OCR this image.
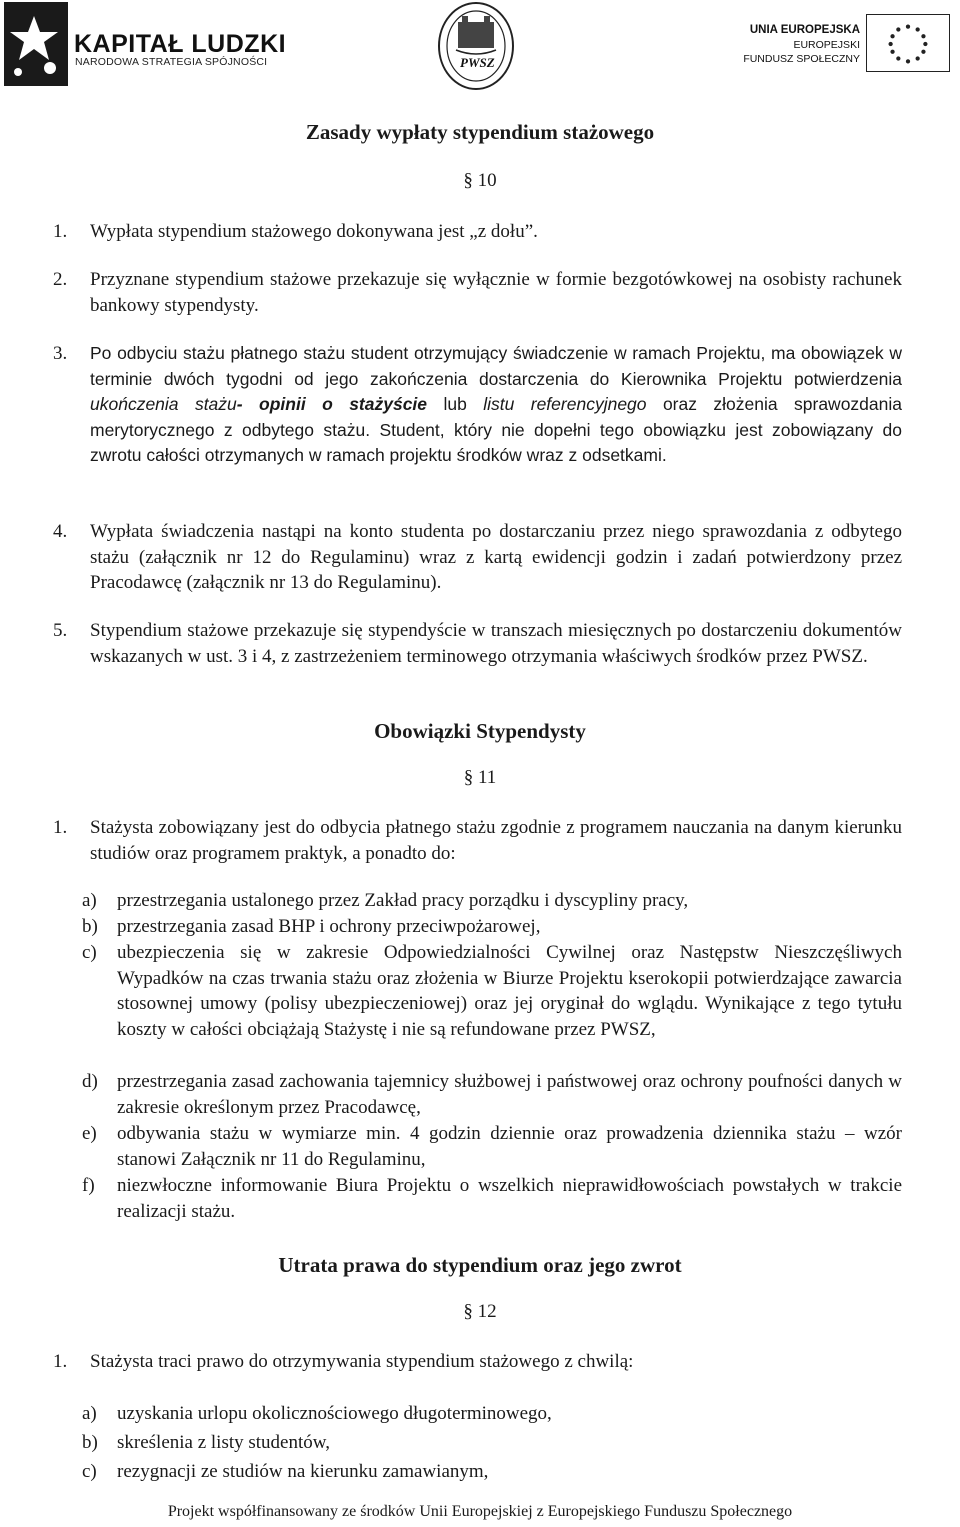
KAPITAŁ LUDZKI
NARODOWA STRATEGIA SPÓJNOŚCI	PWSZ
UNIA EUROPEJSKA
EUROPEJSKI
FUNDUSZ SPOŁECZNY
Zasady wypłaty stypendium stażowego
§ 10
1. Wypłata stypendium stażowego dokonywana jest „z dołu”.
2. Przyznane stypendium stażowe przekazuje się wyłącznie w formie bezgotówkowej na osobisty rachunek bankowy stypendysty.
3. Po odbyciu stażu płatnego stażu student otrzymujący świadczenie w ramach Projektu, ma obowiązek w terminie dwóch tygodni od jego zakończenia dostarczenia do Kierownika Projektu potwierdzenia ukończenia stażu- opinii o stażyście lub listu referencyjnego oraz złożenia sprawozdania merytorycznego z odbytego stażu. Student, który nie dopełni tego obowiązku jest zobowiązany do zwrotu całości otrzymanych w ramach projektu środków wraz z odsetkami.
4. Wypłata świadczenia nastąpi na konto studenta po dostarczaniu przez niego sprawozdania z odbytego stażu (załącznik nr 12 do Regulaminu) wraz z kartą ewidencji godzin i zadań potwierdzony przez Pracodawcę (załącznik nr 13 do Regulaminu).
5. Stypendium stażowe przekazuje się stypendyście w transzach miesięcznych po dostarczeniu dokumentów wskazanych w ust. 3 i 4, z zastrzeżeniem terminowego otrzymania właściwych środków przez PWSZ.
Obowiązki Stypendysty
§ 11
1. Stażysta zobowiązany jest do odbycia płatnego stażu zgodnie z programem nauczania na danym kierunku studiów oraz programem praktyk, a ponadto do:
a) przestrzegania ustalonego przez Zakład pracy porządku i dyscypliny pracy,
b) przestrzegania zasad BHP i ochrony przeciwpożarowej,
c) ubezpieczenia się w zakresie Odpowiedzialności Cywilnej oraz Następstw Nieszczęśliwych Wypadków na czas trwania stażu oraz złożenia w Biurze Projektu kserokopii potwierdzające zawarcia stosownej umowy (polisy ubezpieczeniowej) oraz jej oryginał do wglądu. Wynikające z tego tytułu koszty w całości obciążają Stażystę i nie są refundowane przez PWSZ,
d) przestrzegania zasad zachowania tajemnicy służbowej i państwowej oraz ochrony poufności danych w zakresie określonym przez Pracodawcę,
e) odbywania stażu w wymiarze min. 4 godzin dziennie oraz prowadzenia dziennika stażu – wzór stanowi Załącznik nr 11 do Regulaminu,
f) niezwłoczne informowanie Biura Projektu o wszelkich nieprawidłowościach powstałych w trakcie realizacji stażu.
Utrata prawa do stypendium oraz jego zwrot
§ 12
1. Stażysta traci prawo do otrzymywania stypendium stażowego z chwilą:
a) uzyskania urlopu okolicznościowego długoterminowego,
b) skreślenia z listy studentów,
c) rezygnacji ze studiów na kierunku zamawianym,
Projekt współfinansowany ze środków Unii Europejskiej z Europejskiego Funduszu Społecznego
